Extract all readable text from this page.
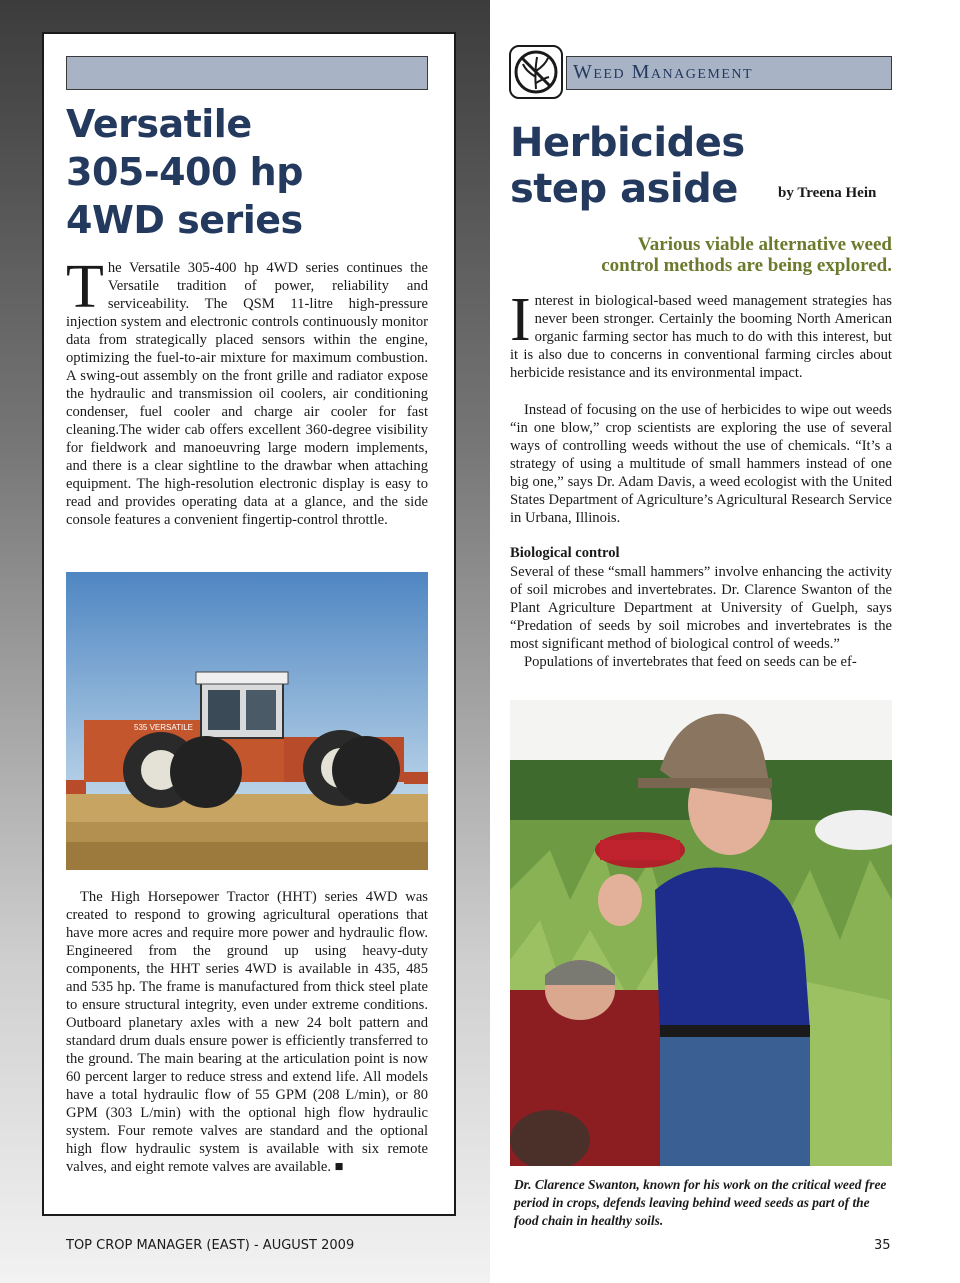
Versatile
305-400 hp
4WD series

The Versatile 305-400 hp 4WD series continues the Versatile tradition of power, reliability and serviceability. The QSM 11-litre high-pressure injection system and electronic controls continuously monitor data from strategically placed sensors within the engine, optimizing the fuel-to-air mixture for maximum combustion. A swing-out assembly on the front grille and radiator expose the hydraulic and transmission oil coolers, air conditioning condenser, fuel cooler and charge air cooler for fast cleaning.The wider cab offers excellent 360-degree visibility for fieldwork and manoeuvring large modern implements, and there is a clear sightline to the drawbar when attaching equipment. The high-resolution electronic display is easy to read and provides operating data at a glance, and the side console features a convenient fingertip-control throttle.

535 VERSATILE

The High Horsepower Tractor (HHT) series 4WD was created to respond to growing agricultural operations that have more acres and require more power and hydraulic flow. Engineered from the ground up using heavy-duty components, the HHT series 4WD is available in 435, 485 and 535 hp. The frame is manufactured from thick steel plate to ensure structural integrity, even under extreme conditions. Outboard planetary axles with a new 24 bolt pattern and standard drum duals ensure power is efficiently transferred to the ground. The main bearing at the articulation point is now 60 percent larger to reduce stress and extend life. All models have a total hydraulic flow of 55 GPM (208 L/min), or 80 GPM (303 L/min) with the optional high flow hydraulic system. Four remote valves are standard and the optional high flow hydraulic system is available with six remote valves, and eight remote valves are available. ■

TOP CROP MANAGER (EAST) - AUGUST 2009	35
Weed Management
Herbicides
step aside	by Treena Hein
Various viable alternative weed
control methods are being explored.

Interest in biological-based weed management strategies has never been stronger. Certainly the booming North American organic farming sector has much to do with this interest, but it is also due to concerns in conventional farming circles about herbicide resistance and its environmental impact.

Instead of focusing on the use of herbicides to wipe out weeds “in one blow,” crop scientists are exploring the use of several ways of controlling weeds without the use of chemicals. “It’s a strategy of using a multitude of small hammers instead of one big one,” says Dr. Adam Davis, a weed ecologist with the United States Department of Agriculture’s Agricultural Research Service in Urbana, Illinois.

Biological control

Several of these “small hammers” involve enhancing the activity of soil microbes and invertebrates. Dr. Clarence Swanton of the Plant Agriculture Department at University of Guelph, says “Predation of seeds by soil microbes and invertebrates is the most significant method of biological control of weeds.”

Populations of invertebrates that feed on seeds can be ef-

Dr. Clarence Swanton, known for his work on the critical weed free period in crops, defends leaving behind weed seeds as part of the food chain in healthy soils.
